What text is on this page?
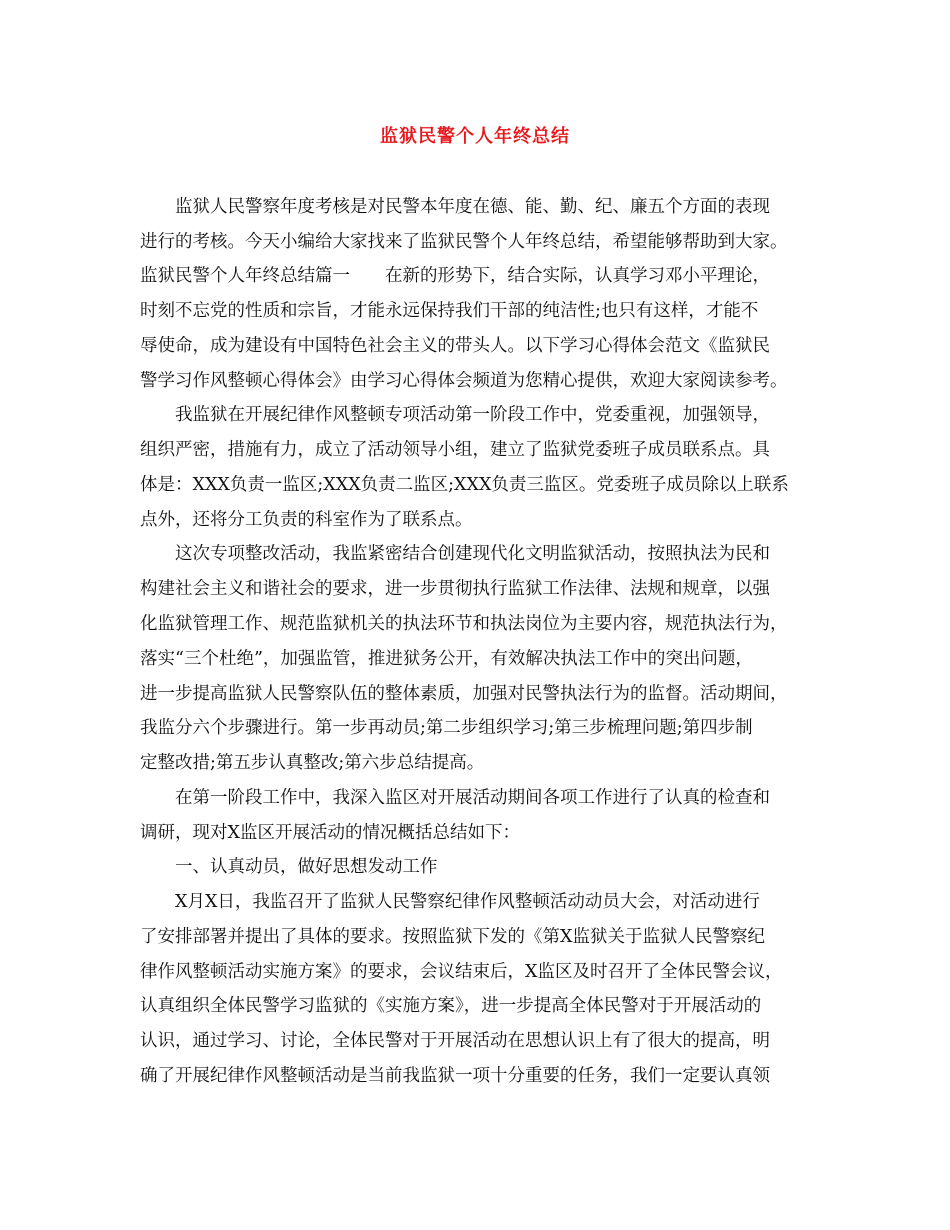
监狱民警个人年终总结
监狱人民警察年度考核是对民警本年度在德、能、勤、纪、廉五个方面的表现
进行的考核。今天小编给大家找来了监狱民警个人年终总结，希望能够帮助到大家。
监狱民警个人年终总结篇一　　在新的形势下，结合实际，认真学习邓小平理论，
时刻不忘党的性质和宗旨，才能永远保持我们干部的纯洁性;也只有这样，才能不
辱使命，成为建设有中国特色社会主义的带头人。以下学习心得体会范文《监狱民
警学习作风整顿心得体会》由学习心得体会频道为您精心提供，欢迎大家阅读参考。
我监狱在开展纪律作风整顿专项活动第一阶段工作中，党委重视，加强领导，
组织严密，措施有力，成立了活动领导小组，建立了监狱党委班子成员联系点。具
体是：XXX负责一监区;XXX负责二监区;XXX负责三监区。党委班子成员除以上联系
点外，还将分工负责的科室作为了联系点。
这次专项整改活动，我监紧密结合创建现代化文明监狱活动，按照执法为民和
构建社会主义和谐社会的要求，进一步贯彻执行监狱工作法律、法规和规章，以强
化监狱管理工作、规范监狱机关的执法环节和执法岗位为主要内容，规范执法行为，
落实“三个杜绝”，加强监管，推进狱务公开，有效解决执法工作中的突出问题，
进一步提高监狱人民警察队伍的整体素质，加强对民警执法行为的监督。活动期间，
我监分六个步骤进行。第一步再动员;第二步组织学习;第三步梳理问题;第四步制
定整改措;第五步认真整改;第六步总结提高。
在第一阶段工作中，我深入监区对开展活动期间各项工作进行了认真的检查和
调研，现对X监区开展活动的情况概括总结如下：
一、认真动员，做好思想发动工作
X月X日，我监召开了监狱人民警察纪律作风整顿活动动员大会，对活动进行
了安排部署并提出了具体的要求。按照监狱下发的《第X监狱关于监狱人民警察纪
律作风整顿活动实施方案》的要求，会议结束后，X监区及时召开了全体民警会议，
认真组织全体民警学习监狱的《实施方案》，进一步提高全体民警对于开展活动的
认识，通过学习、讨论，全体民警对于开展活动在思想认识上有了很大的提高，明
确了开展纪律作风整顿活动是当前我监狱一项十分重要的任务，我们一定要认真领
